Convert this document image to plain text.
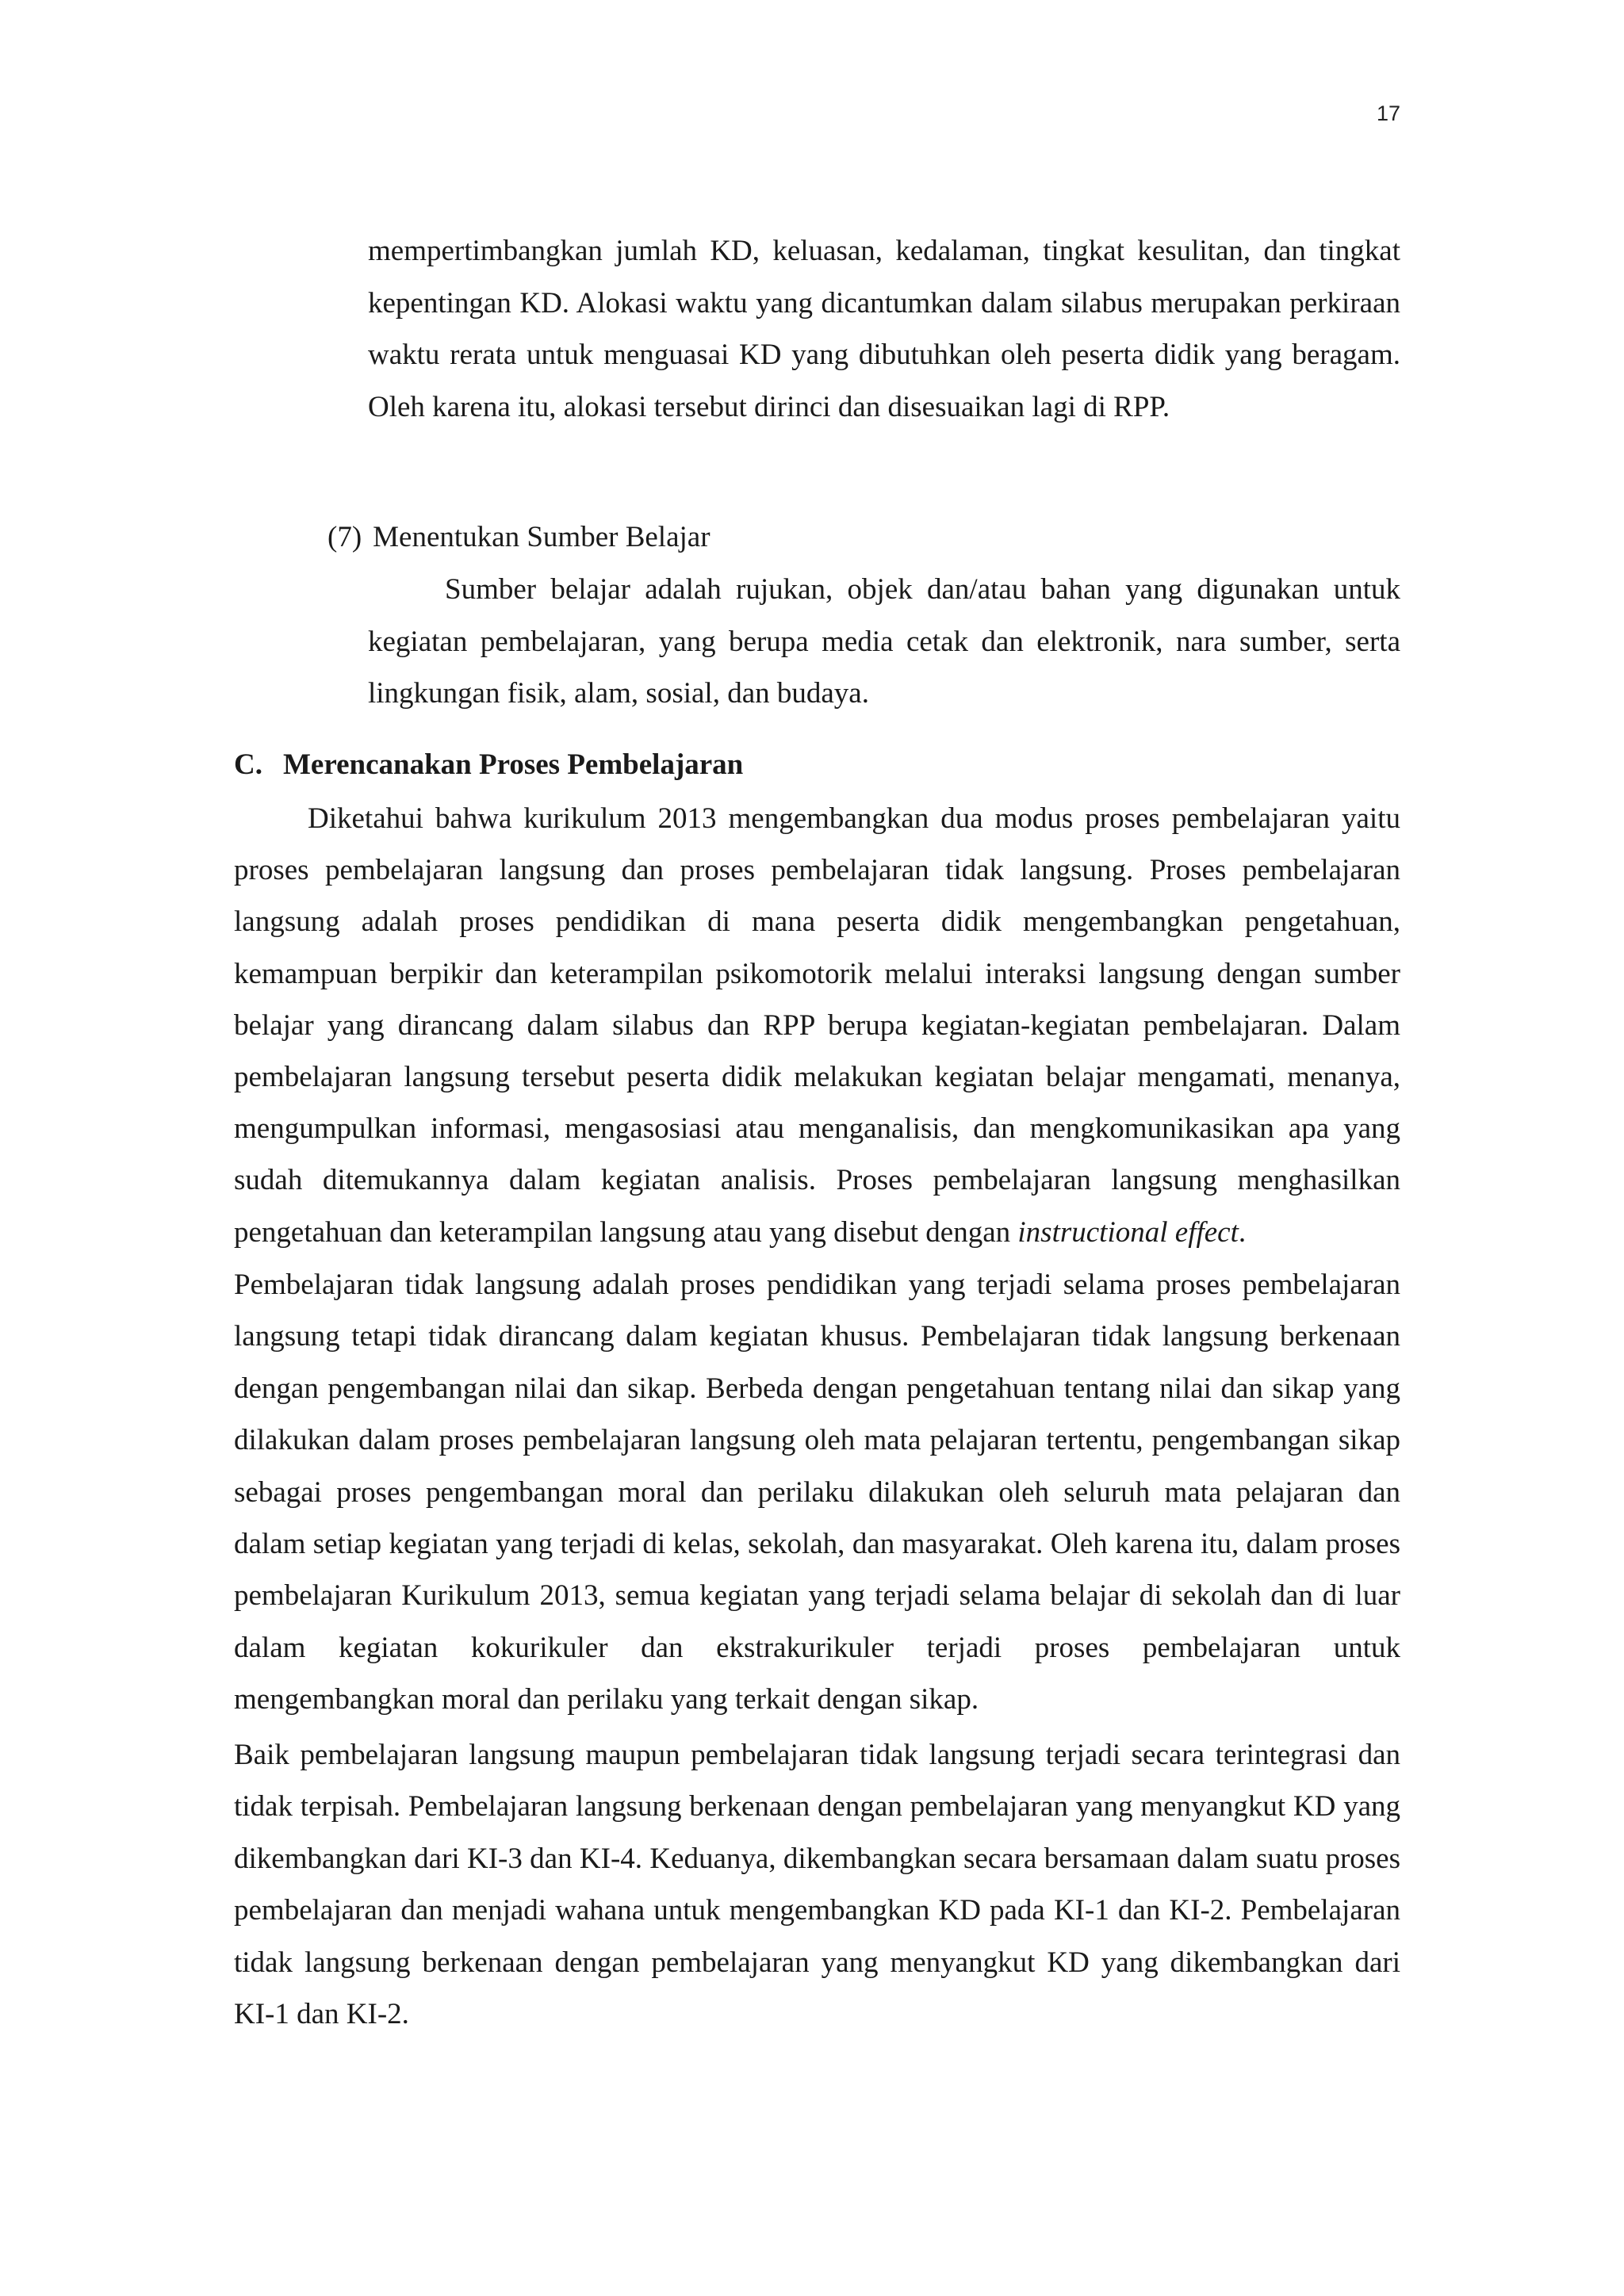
17

mempertimbangkan jumlah KD, keluasan, kedalaman, tingkat kesulitan, dan tingkat kepentingan KD. Alokasi waktu yang dicantumkan dalam silabus merupakan perkiraan waktu rerata untuk menguasai KD yang dibutuhkan oleh peserta didik yang beragam. Oleh karena itu, alokasi tersebut dirinci dan disesuaikan lagi di RPP.

(7) Menentukan Sumber Belajar

Sumber belajar adalah rujukan, objek dan/atau bahan yang digunakan untuk kegiatan pembelajaran, yang berupa media cetak dan elektronik, nara sumber, serta lingkungan fisik, alam, sosial, dan budaya.

C. Merencanakan Proses Pembelajaran

Diketahui bahwa kurikulum 2013 mengembangkan dua modus proses pembelajaran yaitu proses pembelajaran langsung dan proses pembelajaran tidak langsung. Proses pembelajaran langsung adalah proses pendidikan di mana peserta didik mengembangkan pengetahuan, kemampuan berpikir dan keterampilan psikomotorik melalui interaksi langsung dengan sumber belajar yang dirancang dalam silabus dan RPP berupa kegiatan-kegiatan pembelajaran. Dalam pembelajaran langsung tersebut peserta didik melakukan kegiatan belajar mengamati, menanya, mengumpulkan informasi, mengasosiasi atau menganalisis, dan mengkomunikasikan apa yang sudah ditemukannya dalam kegiatan analisis. Proses pembelajaran langsung menghasilkan pengetahuan dan keterampilan langsung atau yang disebut dengan instructional effect.

Pembelajaran tidak langsung adalah proses pendidikan yang terjadi selama proses pembelajaran langsung tetapi tidak dirancang dalam kegiatan khusus. Pembelajaran tidak langsung berkenaan dengan pengembangan nilai dan sikap. Berbeda dengan pengetahuan tentang nilai dan sikap yang dilakukan dalam proses pembelajaran langsung oleh mata pelajaran tertentu, pengembangan sikap sebagai proses pengembangan moral dan perilaku dilakukan oleh seluruh mata pelajaran dan dalam setiap kegiatan yang terjadi di kelas, sekolah, dan masyarakat. Oleh karena itu, dalam proses pembelajaran Kurikulum 2013, semua kegiatan yang terjadi selama belajar di sekolah dan di luar dalam kegiatan kokurikuler dan ekstrakurikuler terjadi proses pembelajaran untuk mengembangkan moral dan perilaku yang terkait dengan sikap.

Baik pembelajaran langsung maupun pembelajaran tidak langsung terjadi secara terintegrasi dan tidak terpisah. Pembelajaran langsung berkenaan dengan pembelajaran yang menyangkut KD yang dikembangkan dari KI-3 dan KI-4. Keduanya, dikembangkan secara bersamaan dalam suatu proses pembelajaran dan menjadi wahana untuk mengembangkan KD pada KI-1 dan KI-2. Pembelajaran tidak langsung berkenaan dengan pembelajaran yang menyangkut KD yang dikembangkan dari KI-1 dan KI-2.
